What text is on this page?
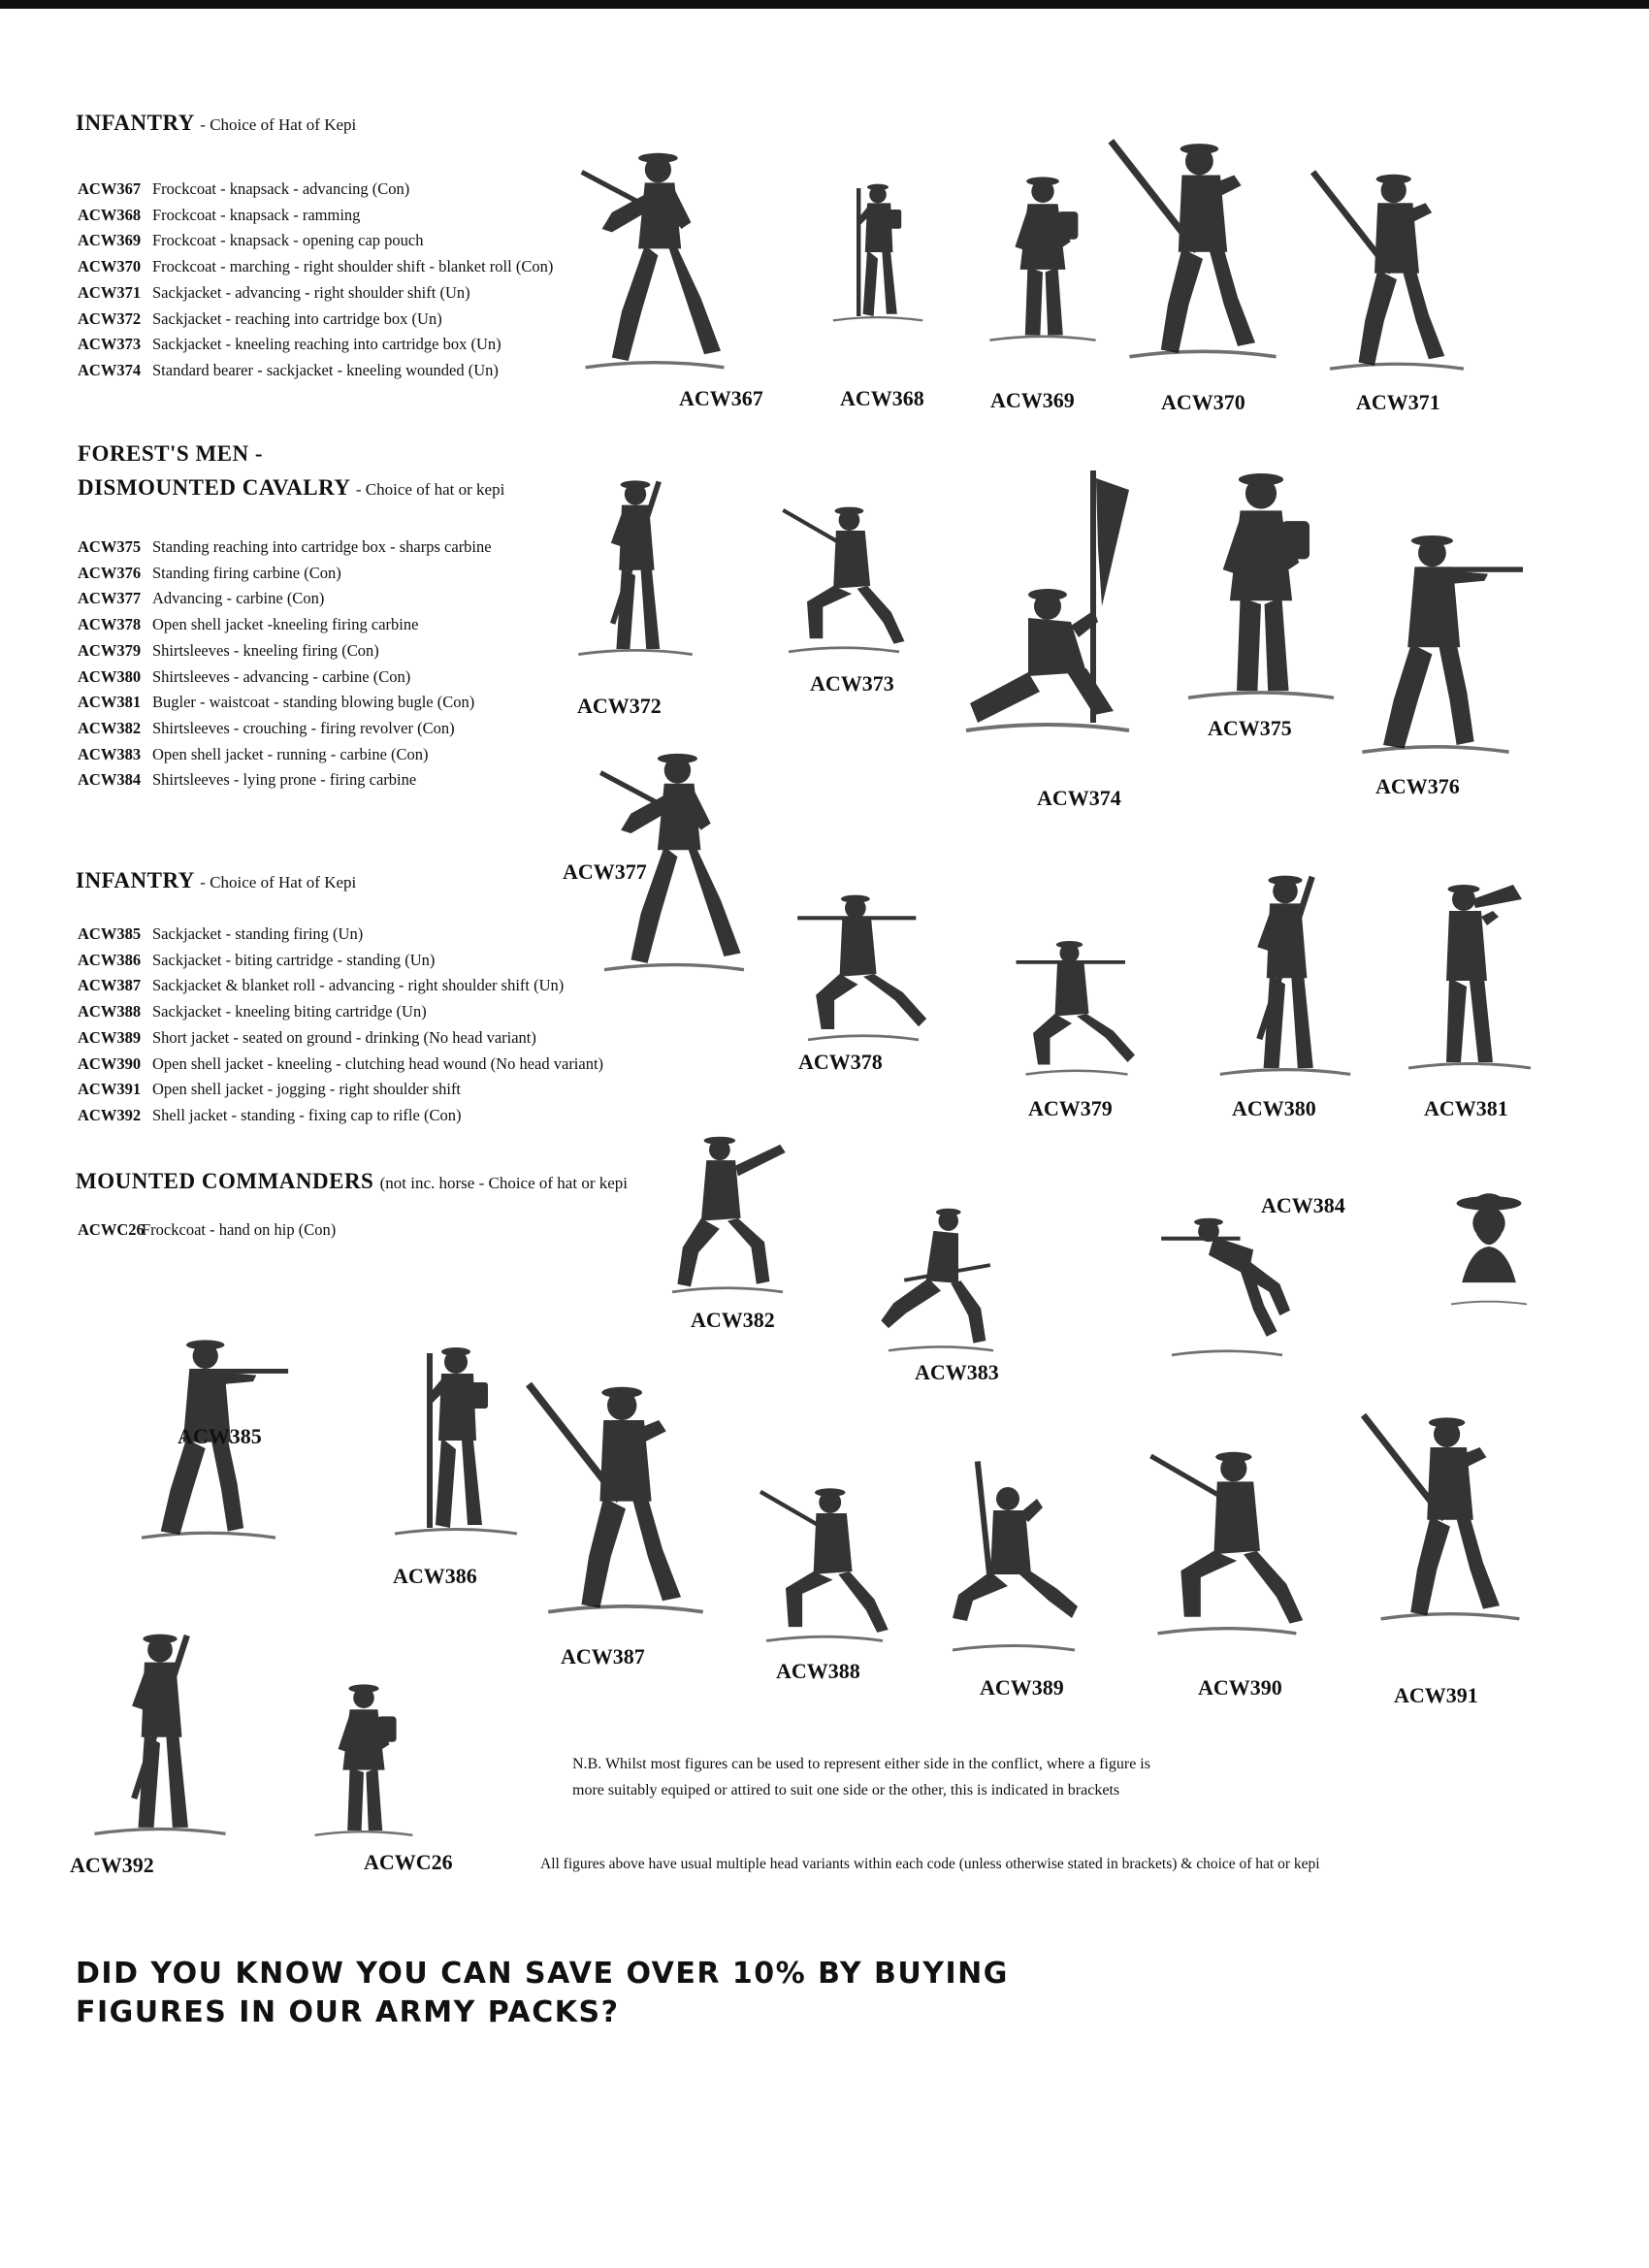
INFANTRY - Choice of Hat of Kepi
ACW367 Frockcoat - knapsack - advancing (Con)
ACW368 Frockcoat - knapsack - ramming
ACW369 Frockcoat - knapsack - opening cap pouch
ACW370 Frockcoat - marching - right shoulder shift - blanket roll (Con)
ACW371 Sackjacket - advancing - right shoulder shift (Un)
ACW372 Sackjacket - reaching into cartridge box (Un)
ACW373 Sackjacket - kneeling reaching into cartridge box (Un)
ACW374 Standard bearer - sackjacket - kneeling wounded (Un)
FOREST'S MEN -
DISMOUNTED CAVALRY - Choice of hat or kepi
ACW375 Standing reaching into cartridge box - sharps carbine
ACW376 Standing firing carbine (Con)
ACW377 Advancing - carbine (Con)
ACW378 Open shell jacket -kneeling firing carbine
ACW379 Shirtsleeves - kneeling firing (Con)
ACW380 Shirtsleeves - advancing - carbine (Con)
ACW381 Bugler - waistcoat - standing blowing bugle (Con)
ACW382 Shirtsleeves - crouching - firing revolver (Con)
ACW383 Open shell jacket - running - carbine (Con)
ACW384 Shirtsleeves - lying prone - firing carbine
INFANTRY - Choice of Hat of Kepi
ACW385 Sackjacket - standing firing (Un)
ACW386 Sackjacket - biting cartridge - standing (Un)
ACW387 Sackjacket & blanket roll - advancing - right shoulder shift (Un)
ACW388 Sackjacket - kneeling biting cartridge (Un)
ACW389 Short jacket - seated on ground - drinking (No head variant)
ACW390 Open shell jacket - kneeling - clutching head wound (No head variant)
ACW391 Open shell jacket - jogging - right shoulder shift
ACW392 Shell jacket - standing - fixing cap to rifle (Con)
MOUNTED COMMANDERS (not inc. horse - Choice of hat or kepi
ACWC26Frockcoat - hand on hip (Con)
ACW367	ACW368	ACW369	ACW370	ACW371
ACW372
ACW373
ACW374
ACW375
ACW376
ACW377
ACW378
ACW379	ACW380	ACW381
ACW382
ACW383
ACW384
ACW385
ACW386
ACW387
ACW388
ACW389	ACW390	ACW391
ACW392	ACWC26
N.B. Whilst most figures can be used to represent either side in the conflict, where a figure is
more suitably equiped or attired to suit one side or the other, this is indicated in brackets
All figures above have usual multiple head variants within each code (unless otherwise stated in brackets) & choice of hat or kepi
DID YOU KNOW YOU CAN SAVE OVER 10% BY BUYING
FIGURES IN OUR ARMY PACKS?
